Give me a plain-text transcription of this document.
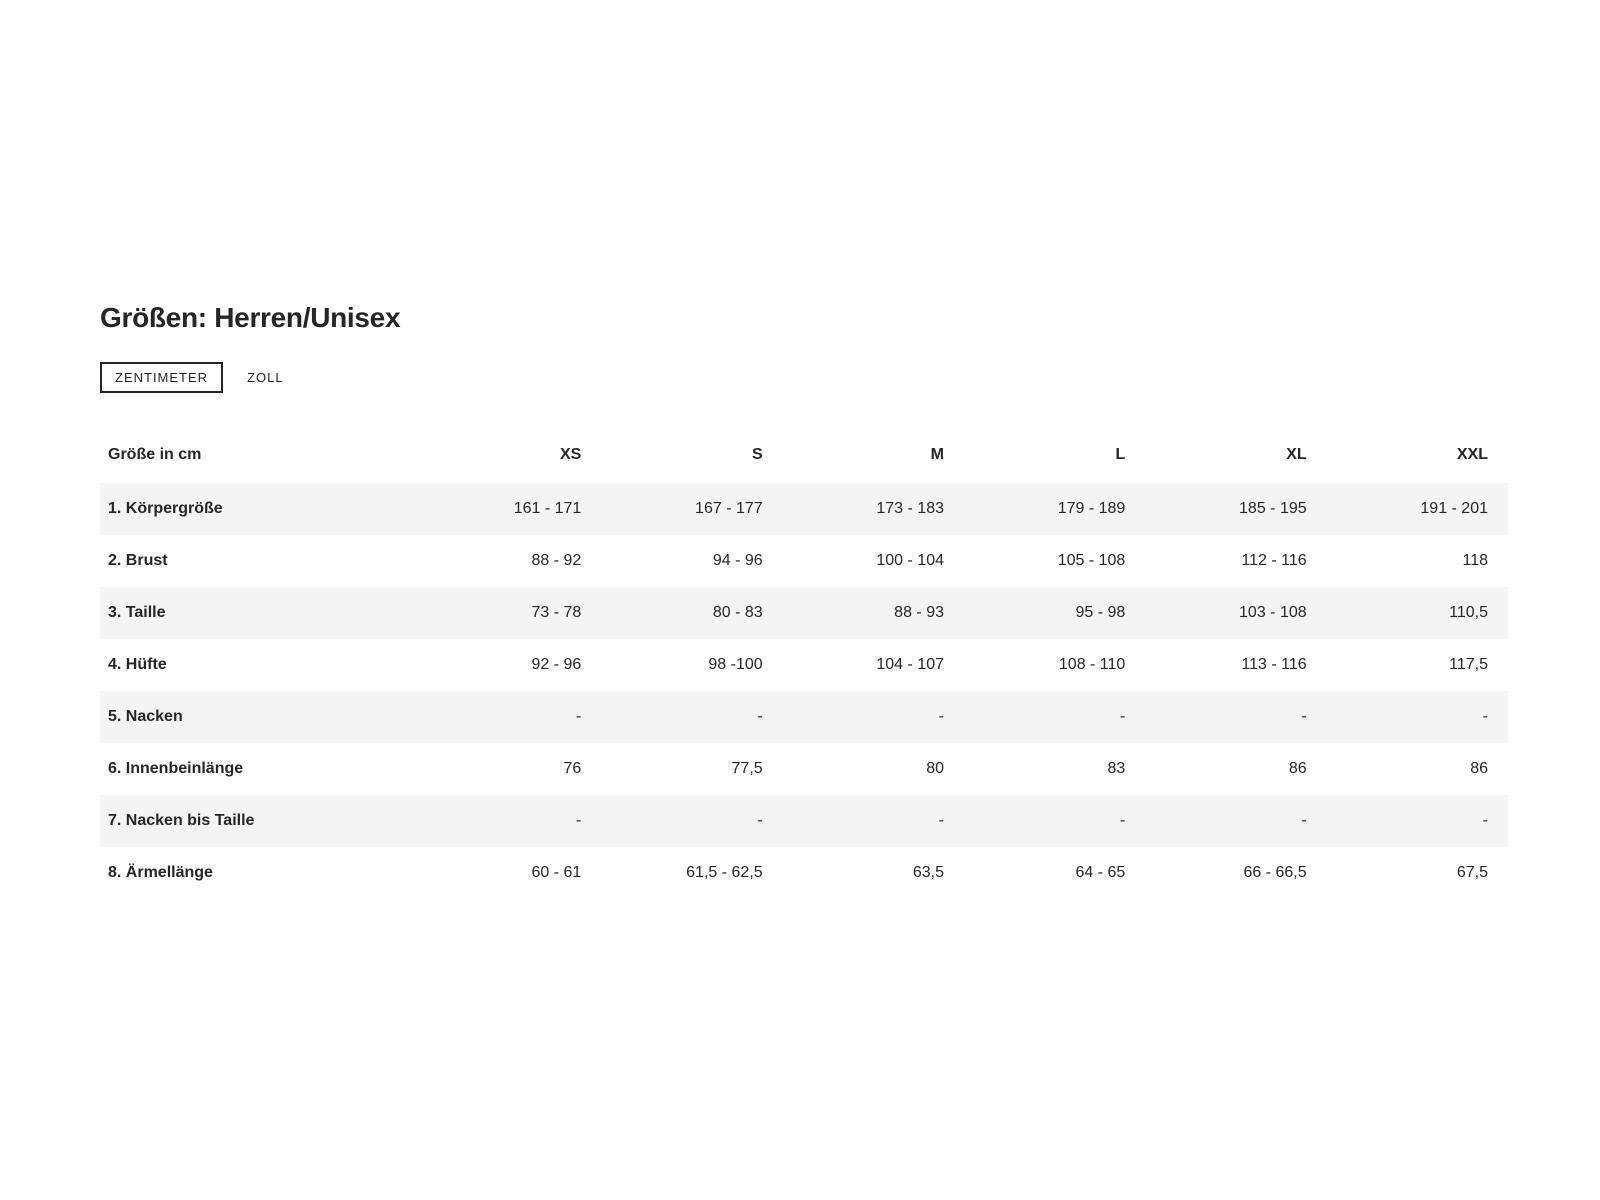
Größen: Herren/Unisex
ZENTIMETER	ZOLL
Größe in cm	XS	S	M	L	XL	XXL
1. Körpergröße	161 - 171	167 - 177	173 - 183	179 - 189	185 - 195	191 - 201
2. Brust	88 - 92	94 - 96	100 - 104	105 - 108	112 - 116	118
3. Taille	73 - 78	80 - 83	88 - 93	95 - 98	103 - 108	110,5
4. Hüfte	92 - 96	98 -100	104 - 107	108 - 110	113 - 116	117,5
5. Nacken	-	-	-	-	-	-
6. Innenbeinlänge	76	77,5	80	83	86	86
7. Nacken bis Taille	-	-	-	-	-	-
8. Ärmellänge	60 - 61	61,5 - 62,5	63,5	64 - 65	66 - 66,5	67,5
